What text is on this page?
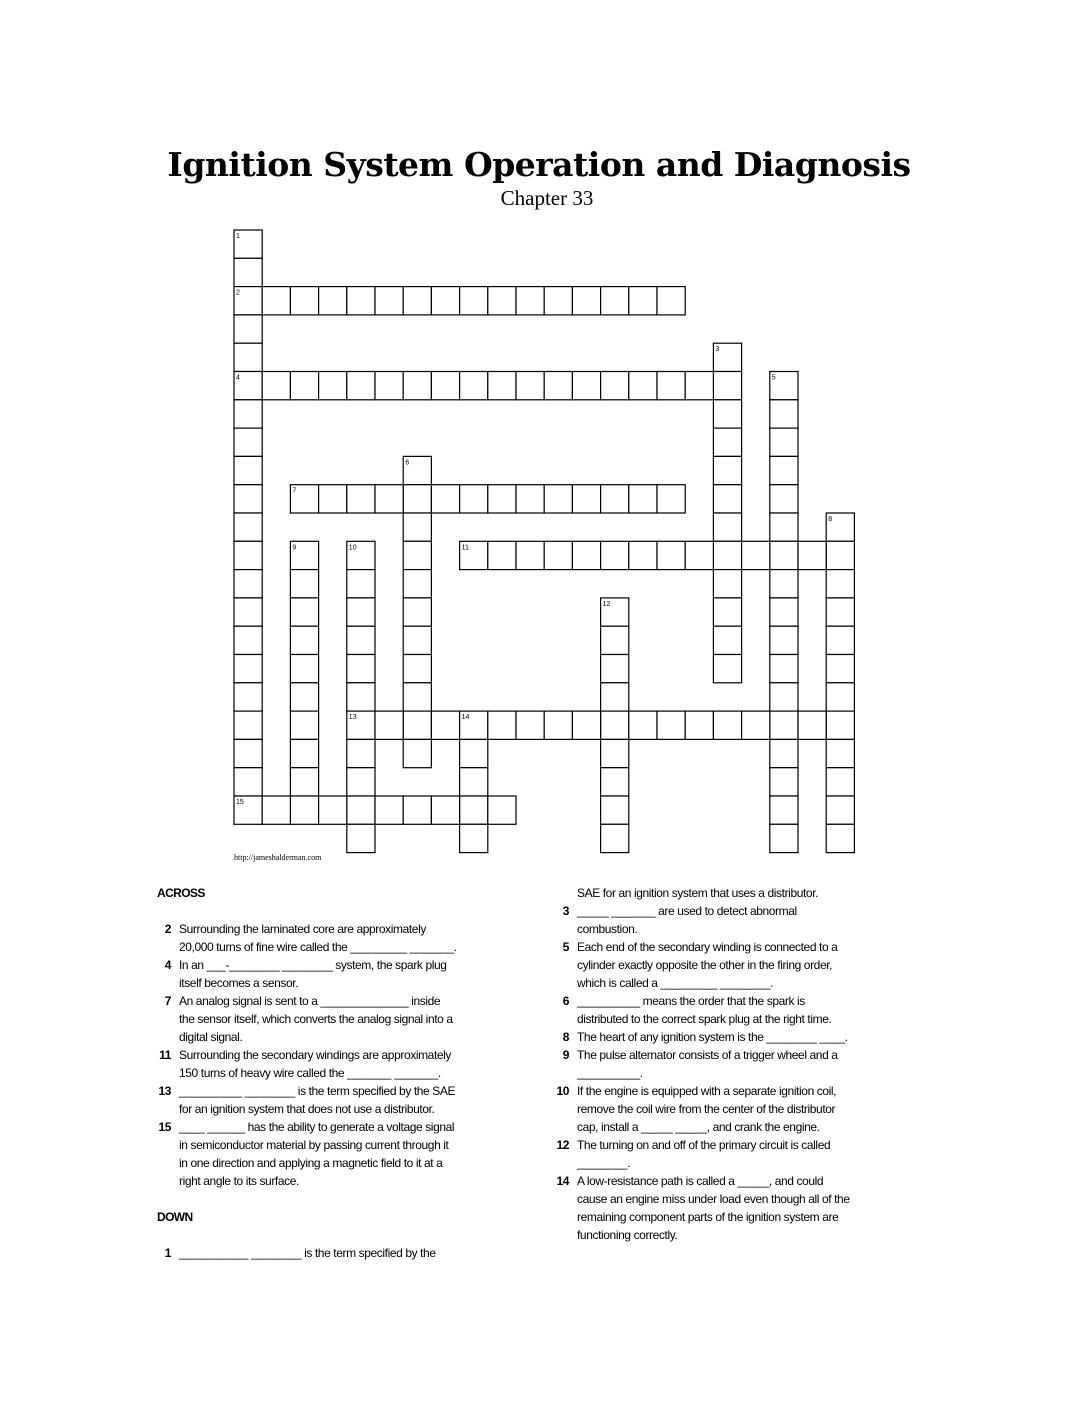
Ignition System Operation and Diagnosis
Chapter 33
1
2
3
4	5
6
7
8
9	10	11
12
13	14
15
http://jameshalderman.com
ACROSS
2 Surrounding the laminated core are approximately
20,000 turns of fine wire called the _________ _______.
4 In an ___-________ ________ system, the spark plug
itself becomes a sensor.
7 An analog signal is sent to a ______________ inside
the sensor itself, which converts the analog signal into a
digital signal.
11 Surrounding the secondary windings are approximately
150 turns of heavy wire called the _______ _______.
13 __________ ________ is the term specified by the SAE
for an ignition system that does not use a distributor.
15 ____ ______ has the ability to generate a voltage signal
in semiconductor material by passing current through it
in one direction and applying a magnetic field to it at a
right angle to its surface.
DOWN
1 ___________ ________ is the term specified by the
SAE for an ignition system that uses a distributor.
3 _____ _______ are used to detect abnormal
combustion.
5 Each end of the secondary winding is connected to a
cylinder exactly opposite the other in the firing order,
which is called a _________ ________.
6 __________ means the order that the spark is
distributed to the correct spark plug at the right time.
8 The heart of any ignition system is the ________ ____.
9 The pulse alternator consists of a trigger wheel and a
__________.
10 If the engine is equipped with a separate ignition coil,
remove the coil wire from the center of the distributor
cap, install a _____ _____, and crank the engine.
12 The turning on and off of the primary circuit is called
________.
14 A low-resistance path is called a _____, and could
cause an engine miss under load even though all of the
remaining component parts of the ignition system are
functioning correctly.
